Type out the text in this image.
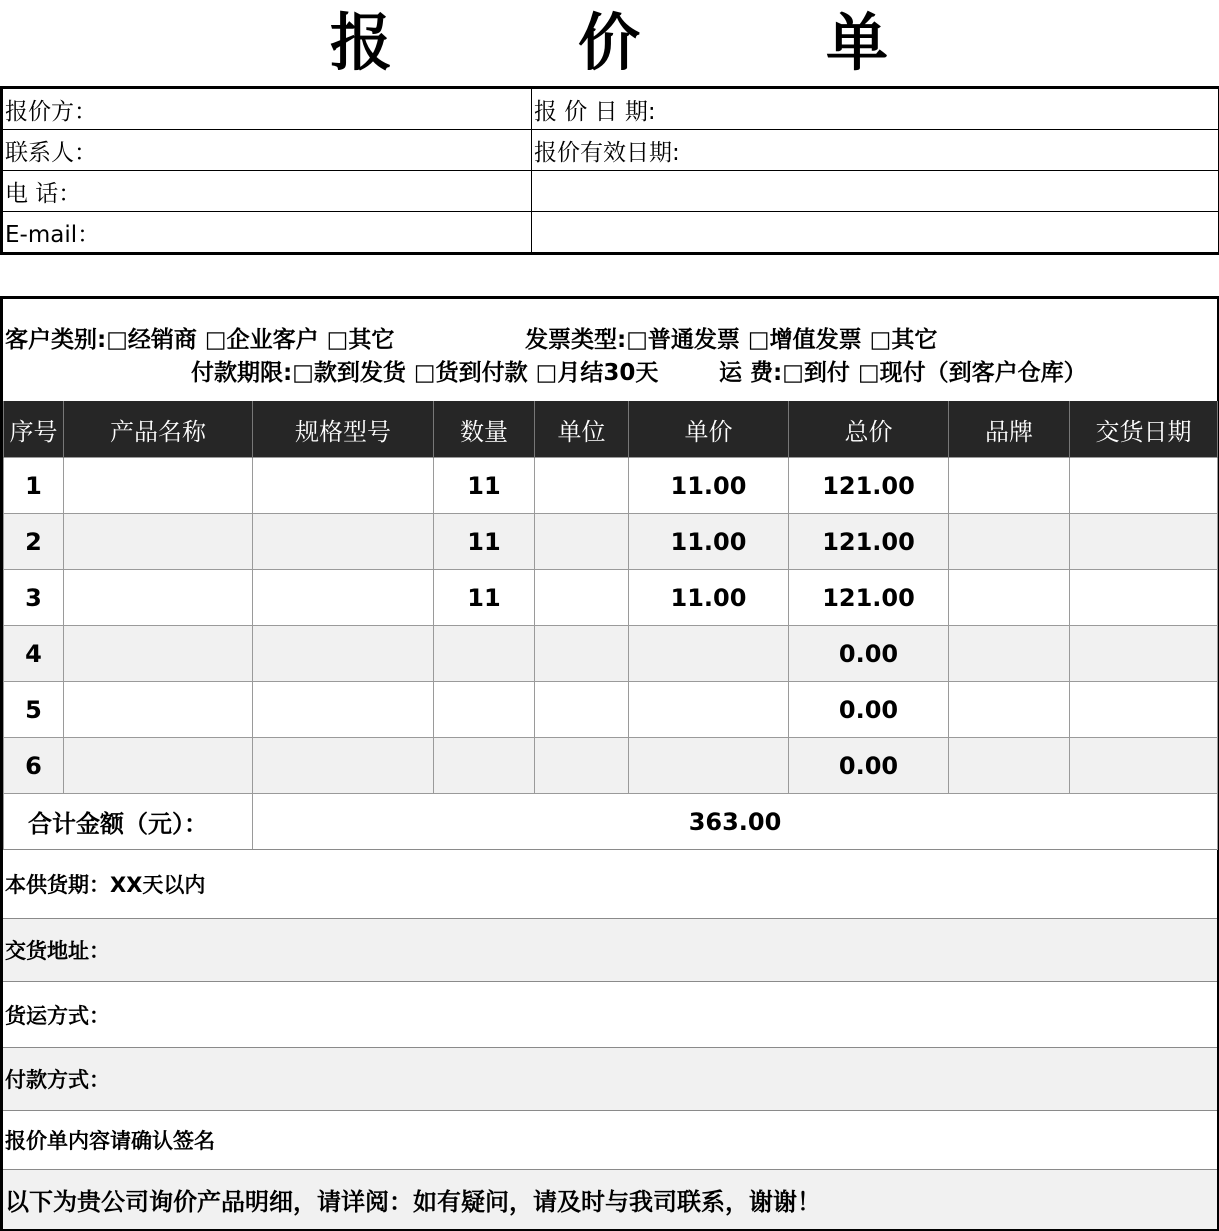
报	价	单
报价方：	报 价 日 期:
联系人：	报价有效日期:
电 话：	
E-mail：	
客户类别:□经销商 □企业客户 □其它	发票类型:□普通发票 □增值发票 □其它
付款期限:□款到发货 □货到付款 □月结30天	运 费:□到付 □现付（到客户仓库）
序号	产品名称	规格型号	数量	单位	单价	总价	品牌	交货日期
1			11		11.00	121.00		
2			11		11.00	121.00		
3			11		11.00	121.00		
4						0.00		
5						0.00		
6						0.00		
合计金额（元）：		363.00						
本供货期：XX天以内
交货地址：
货运方式：
付款方式：
报价单内容请确认签名
以下为贵公司询价产品明细，请详阅：如有疑问，请及时与我司联系，谢谢！
